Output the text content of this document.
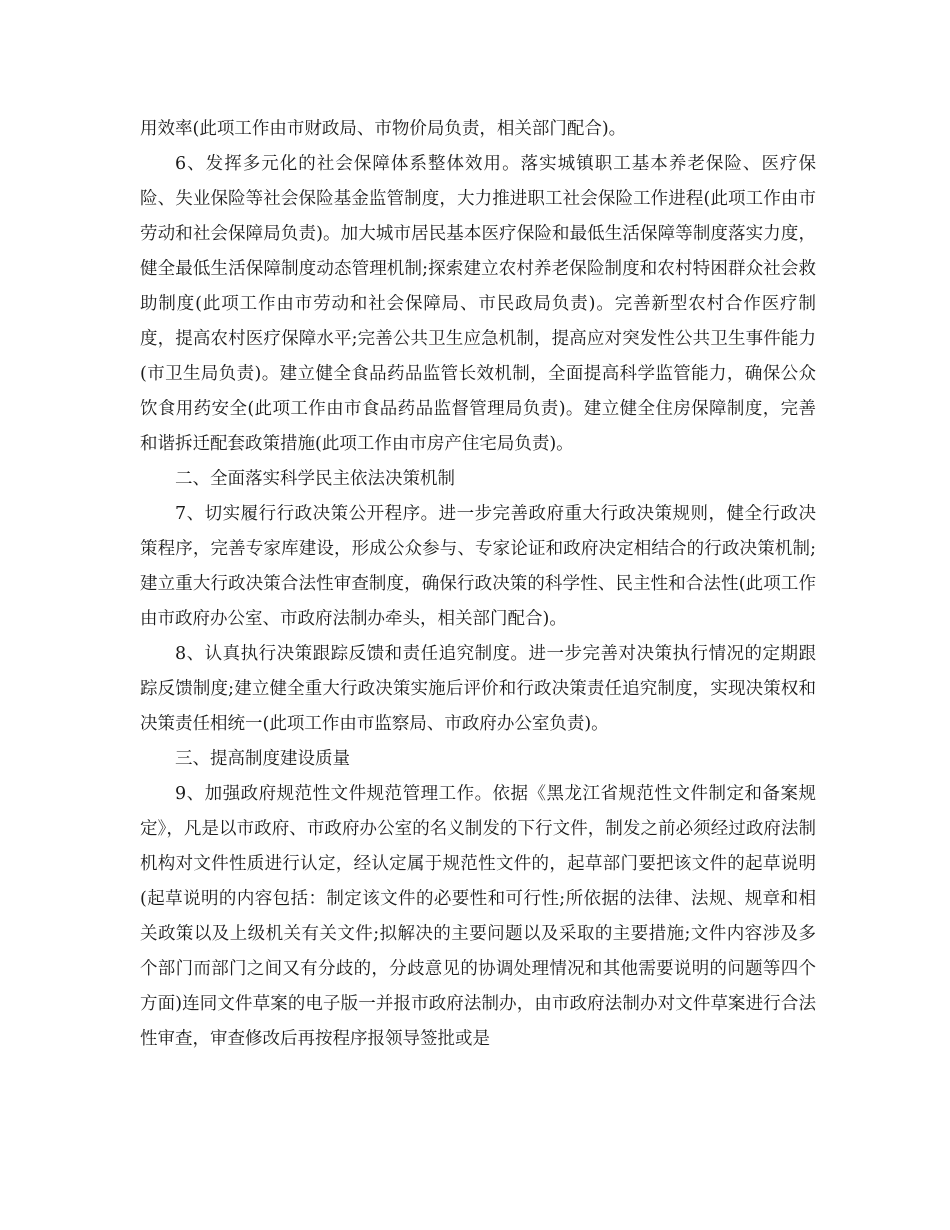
用效率(此项工作由市财政局、市物价局负责，相关部门配合)。

6、发挥多元化的社会保障体系整体效用。落实城镇职工基本养老保险、医疗保险、失业保险等社会保险基金监管制度，大力推进职工社会保险工作进程(此项工作由市劳动和社会保障局负责)。加大城市居民基本医疗保险和最低生活保障等制度落实力度，健全最低生活保障制度动态管理机制;探索建立农村养老保险制度和农村特困群众社会救助制度(此项工作由市劳动和社会保障局、市民政局负责)。完善新型农村合作医疗制度，提高农村医疗保障水平;完善公共卫生应急机制，提高应对突发性公共卫生事件能力(市卫生局负责)。建立健全食品药品监管长效机制，全面提高科学监管能力，确保公众饮食用药安全(此项工作由市食品药品监督管理局负责)。建立健全住房保障制度，完善和谐拆迁配套政策措施(此项工作由市房产住宅局负责)。

二、全面落实科学民主依法决策机制

7、切实履行行政决策公开程序。进一步完善政府重大行政决策规则，健全行政决策程序，完善专家库建设，形成公众参与、专家论证和政府决定相结合的行政决策机制;建立重大行政决策合法性审查制度，确保行政决策的科学性、民主性和合法性(此项工作由市政府办公室、市政府法制办牵头，相关部门配合)。

8、认真执行决策跟踪反馈和责任追究制度。进一步完善对决策执行情况的定期跟踪反馈制度;建立健全重大行政决策实施后评价和行政决策责任追究制度，实现决策权和决策责任相统一(此项工作由市监察局、市政府办公室负责)。

三、提高制度建设质量

9、加强政府规范性文件规范管理工作。依据《黑龙江省规范性文件制定和备案规定》，凡是以市政府、市政府办公室的名义制发的下行文件，制发之前必须经过政府法制机构对文件性质进行认定，经认定属于规范性文件的，起草部门要把该文件的起草说明(起草说明的内容包括：制定该文件的必要性和可行性;所依据的法律、法规、规章和相关政策以及上级机关有关文件;拟解决的主要问题以及采取的主要措施;文件内容涉及多个部门而部门之间又有分歧的，分歧意见的协调处理情况和其他需要说明的问题等四个方面)连同文件草案的电子版一并报市政府法制办，由市政府法制办对文件草案进行合法性审查，审查修改后再按程序报领导签批或是
